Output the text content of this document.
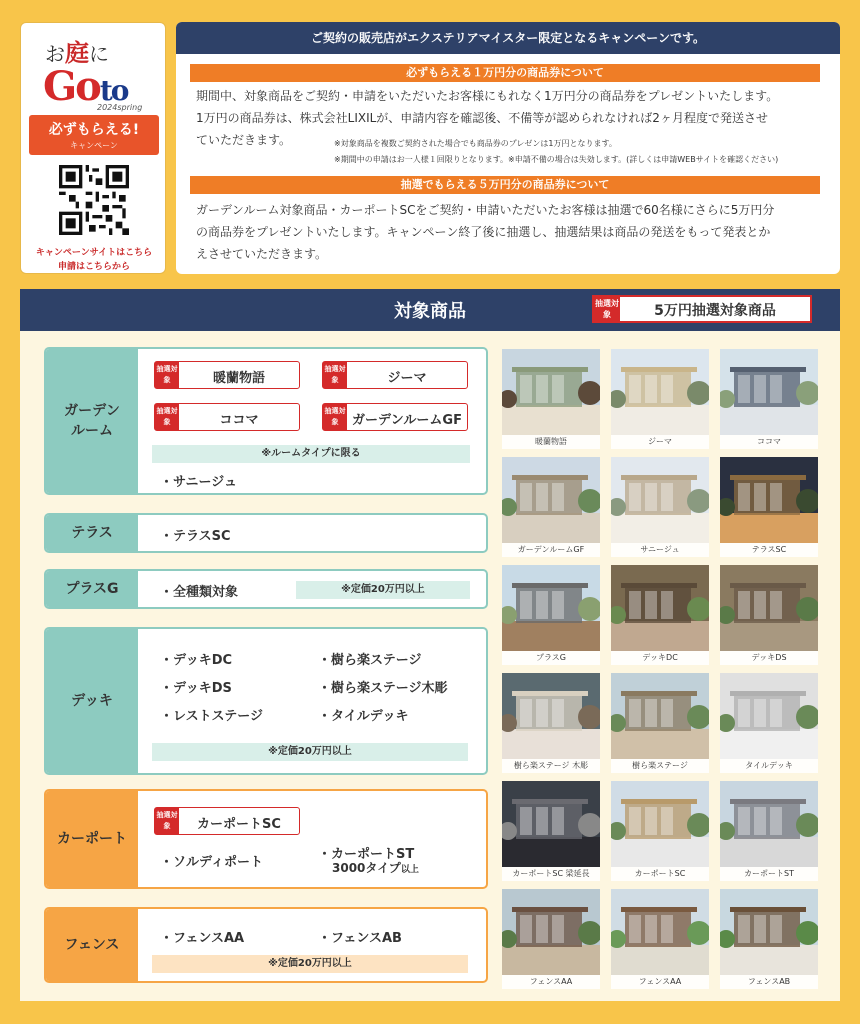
お庭に
Goto
2024spring
必ずもらえる!
キャンペーン
キャンペーンサイトはこちら
申請はこちらから
ご契約の販売店がエクステリアマイスター限定となるキャンペーンです。
必ずもらえる１万円分の商品券について
期間中、対象商品をご契約・申請をいただいたお客様にもれなく1万円分の商品券をプレゼントいたします。
1万円の商品券は、株式会社LIXILが、申請内容を確認後、不備等が認められなければ2ヶ月程度で発送させ
ていただきます。	※対象商品を複数ご契約された場合でも商品券のプレゼンは1万円となります。
※期間中の申請はお一人様１回限りとなります。※申請不備の場合は失効します。(詳しくは申請WEBサイトを確認ください)
抽選でもらえる５万円分の商品券について
ガーデンルーム対象商品・カーポートSCをご契約・申請いただいたお客様は抽選で60名様にさらに5万円分
の商品券をプレゼントいたします。キャンペーン終了後に抽選し、抽選結果は商品の発送をもって発表とか
えさせていただきます。
対象商品	抽選対象	5万円抽選対象商品
ガーデン
ルーム
抽選対象	暖蘭物語
抽選対象	ジーマ
抽選対象	ココマ
抽選対象	ガーデンルームGF
※ルームタイプに限る
・サニージュ
テラス	・テラスSC
プラスG	・全種類対象	※定価20万円以上
デッキ
・デッキDC	・樹ら楽ステージ
・デッキDS	・樹ら楽ステージ木彫
・レストステージ	・タイルデッキ
※定価20万円以上
カーポート
抽選対象	カーポートSC
・ソルディポート
・カーポートST
3000タイプ以上
フェンス	・フェンスAA	・フェンスAB
※定価20万円以上
暖蘭物語	ジーマ	ココマ
ガーデンルームGF	サニージュ	テラスSC
プラスG	デッキDC	デッキDS
樹ら楽ステージ 木彫	樹ら楽ステージ	タイルデッキ
カーポートSC 梁延長	カーポートSC	カーポートST
フェンスAA	フェンスAA	フェンスAB
